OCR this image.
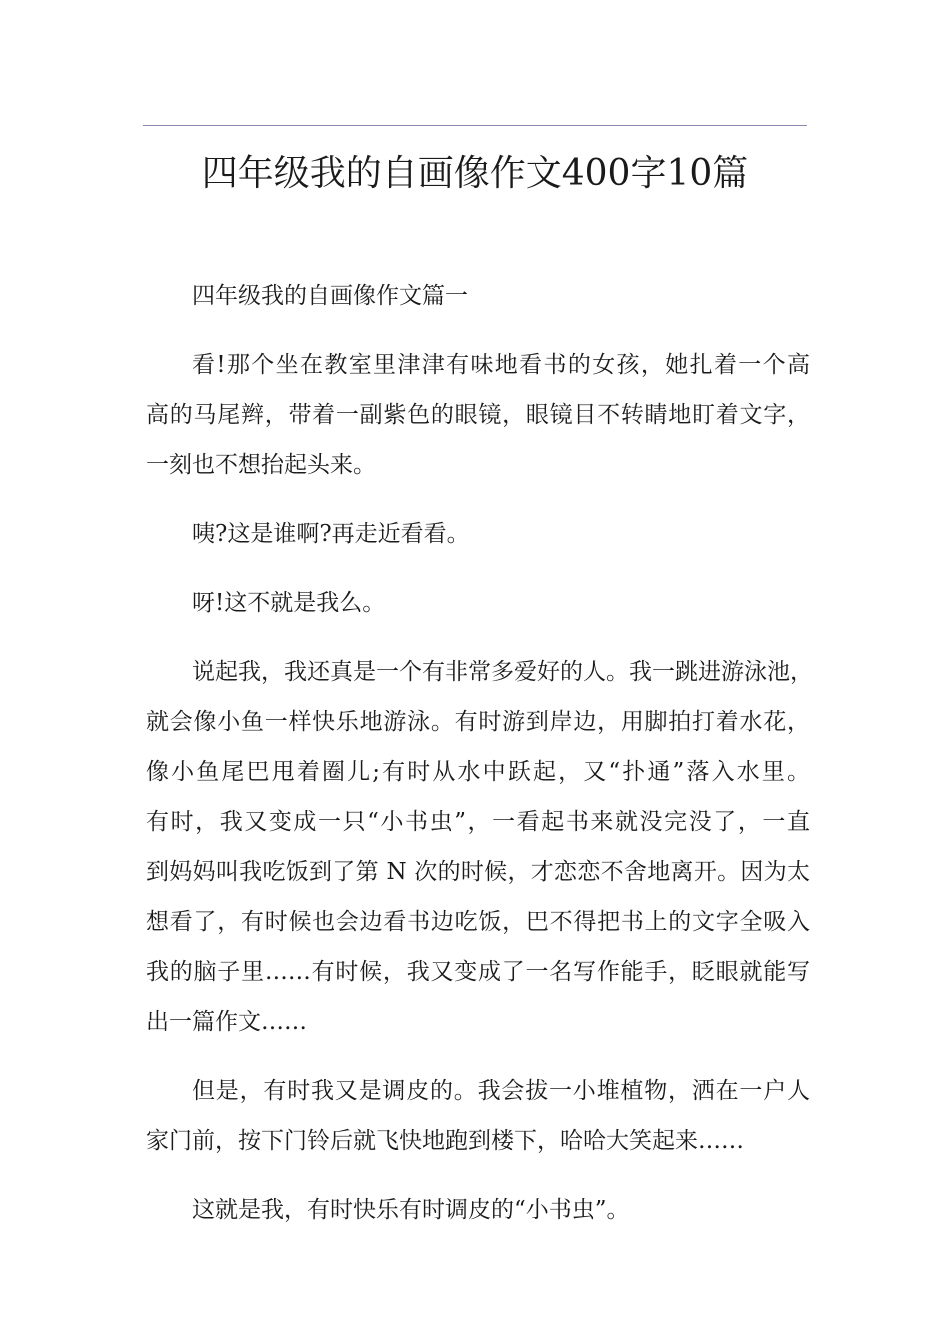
四年级我的自画像作文400字10篇

四年级我的自画像作文篇一

看!那个坐在教室里津津有味地看书的女孩，她扎着一个高
高的马尾辫，带着一副紫色的眼镜，眼镜目不转睛地盯着文字，
一刻也不想抬起头来。

咦?这是谁啊?再走近看看。

呀!这不就是我么。

说起我，我还真是一个有非常多爱好的人。我一跳进游泳池，
就会像小鱼一样快乐地游泳。有时游到岸边，用脚拍打着水花，
像小鱼尾巴甩着圈儿;有时从水中跃起，又“扑通”落入水里。
有时，我又变成一只“小书虫”，一看起书来就没完没了，一直
到妈妈叫我吃饭到了第 N 次的时候，才恋恋不舍地离开。因为太
想看了，有时候也会边看书边吃饭，巴不得把书上的文字全吸入
我的脑子里……有时候，我又变成了一名写作能手，眨眼就能写
出一篇作文……

但是，有时我又是调皮的。我会拔一小堆植物，洒在一户人
家门前，按下门铃后就飞快地跑到楼下，哈哈大笑起来……

这就是我，有时快乐有时调皮的“小书虫”。
